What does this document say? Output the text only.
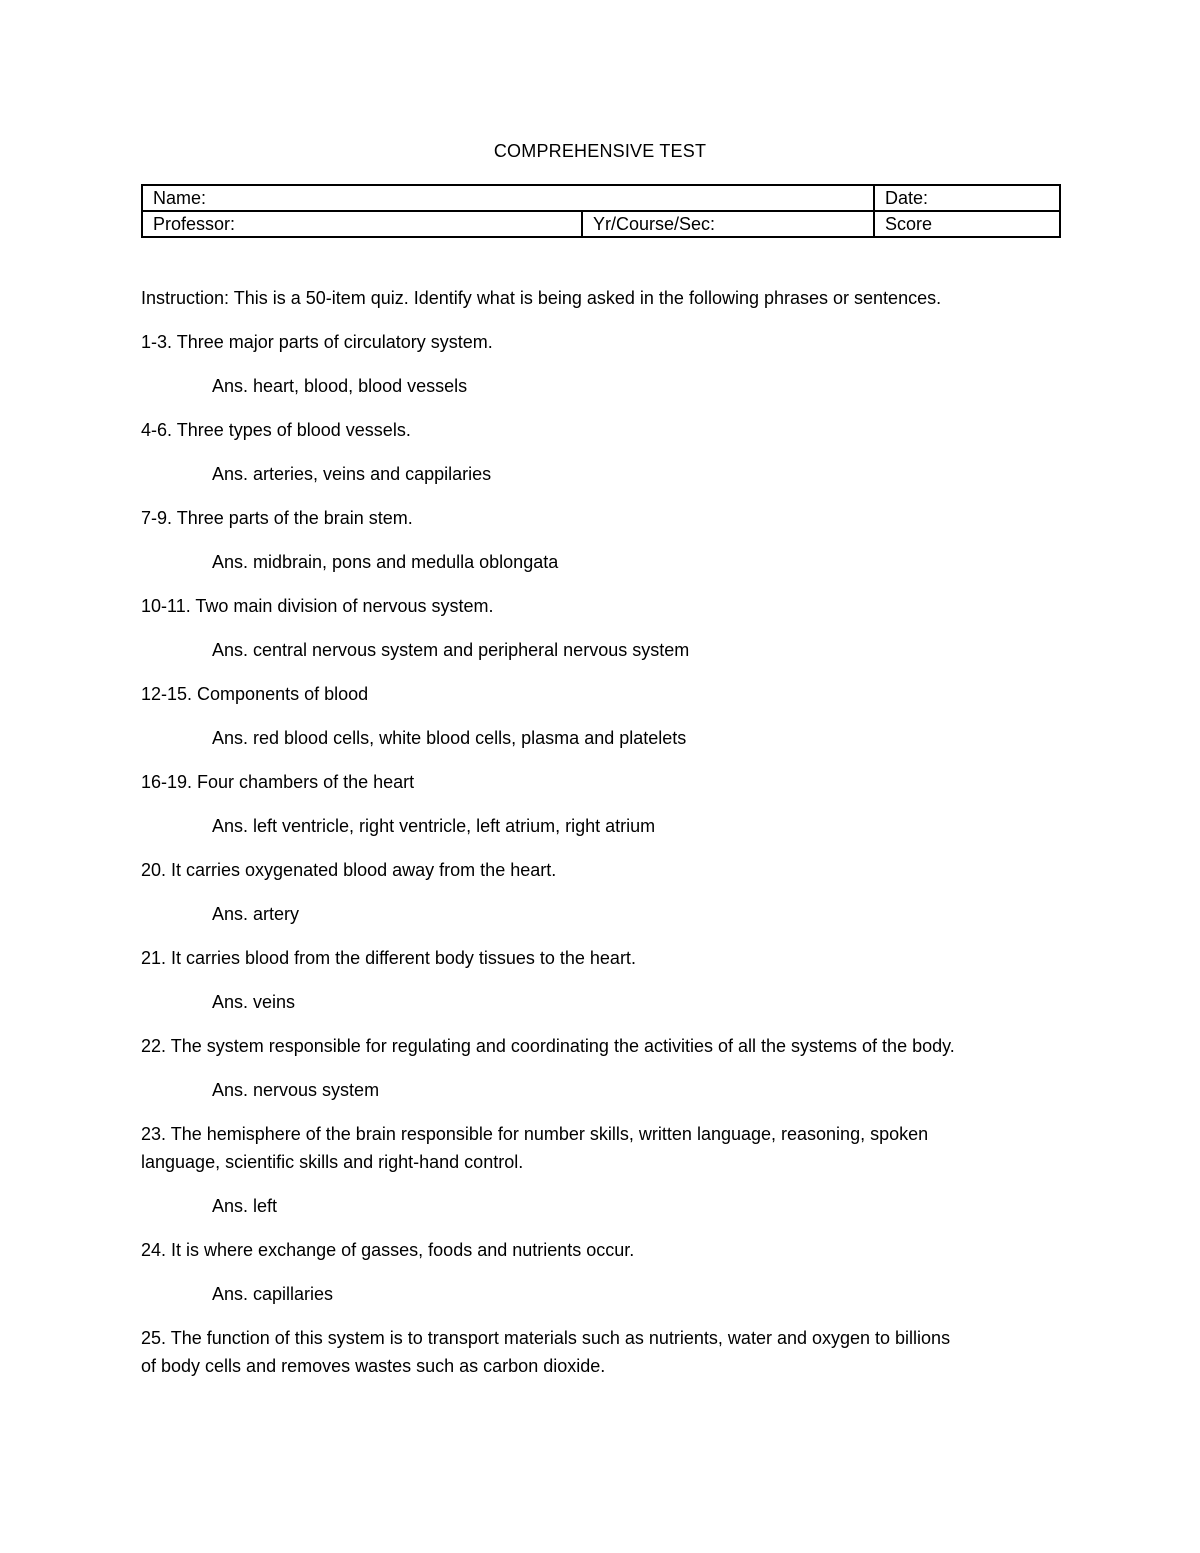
COMPREHENSIVE TEST
Name:		Date:
Professor:	Yr/Course/Sec:	Score
Instruction: This is a 50-item quiz. Identify what is being asked in the following phrases or sentences.
1-3. Three major parts of circulatory system.
Ans. heart, blood, blood vessels
4-6. Three types of blood vessels.
Ans. arteries, veins and cappilaries
7-9. Three parts of the brain stem.
Ans. midbrain, pons and medulla oblongata
10-11. Two main division of nervous system.
Ans. central nervous system and peripheral nervous system
12-15. Components of blood
Ans. red blood cells, white blood cells, plasma and platelets
16-19. Four chambers of the heart
Ans. left ventricle, right ventricle, left atrium, right atrium
20. It carries oxygenated blood away from the heart.
Ans. artery
21. It carries blood from the different body tissues to the heart.
Ans. veins
22. The system responsible for regulating and coordinating the activities of all the systems of the body.
Ans. nervous system
23. The hemisphere of the brain responsible for number skills, written language, reasoning, spoken
language, scientific skills and right-hand control.
Ans. left
24. It is where exchange of gasses, foods and nutrients occur.
Ans. capillaries
25. The function of this system is to transport materials such as nutrients, water and oxygen to billions
of body cells and removes wastes such as carbon dioxide.
